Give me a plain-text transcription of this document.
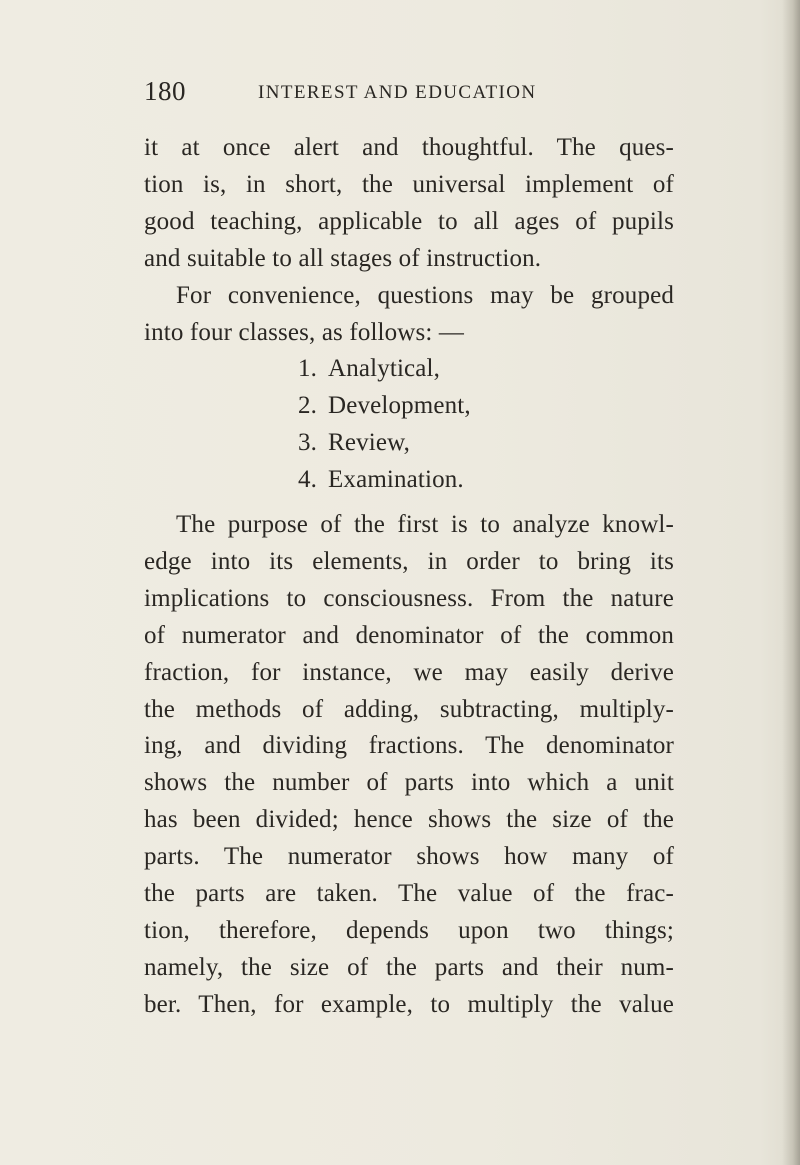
180	INTEREST AND EDUCATION
it at once alert and thoughtful. The ques-
tion is, in short, the universal implement of
good teaching, applicable to all ages of pupils
and suitable to all stages of instruction.
For convenience, questions may be grouped
into four classes, as follows: —
1. Analytical,
2. Development,
3. Review,
4. Examination.
The purpose of the first is to analyze knowl-
edge into its elements, in order to bring its
implications to consciousness. From the nature
of numerator and denominator of the common
fraction, for instance, we may easily derive
the methods of adding, subtracting, multiply-
ing, and dividing fractions. The denominator
shows the number of parts into which a unit
has been divided; hence shows the size of the
parts. The numerator shows how many of
the parts are taken. The value of the frac-
tion, therefore, depends upon two things;
namely, the size of the parts and their num-
ber. Then, for example, to multiply the value
